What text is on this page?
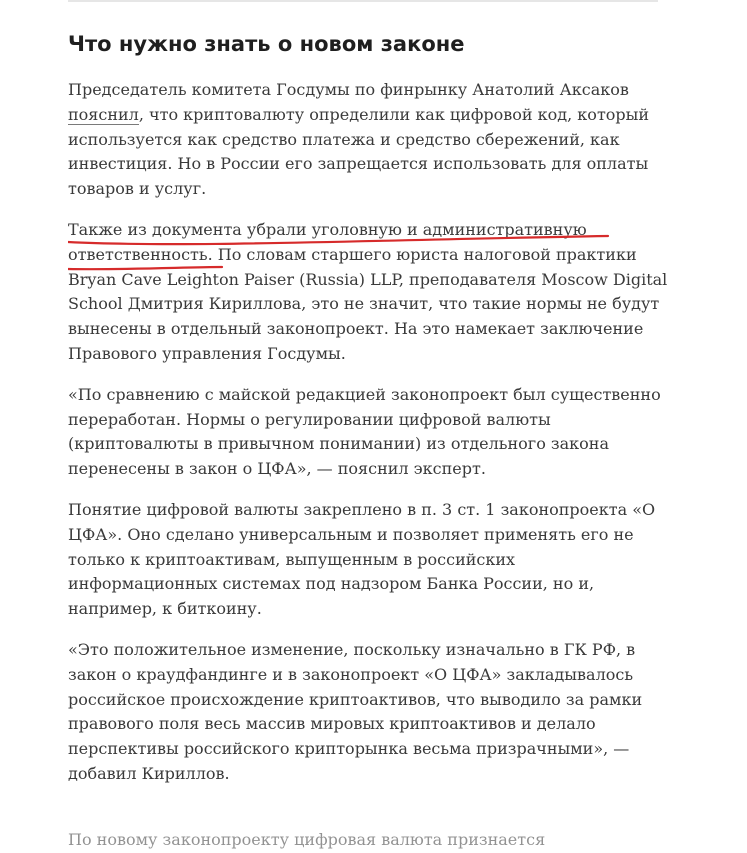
Что нужно знать о новом законе

Председатель комитета Госдумы по финрынку Анатолий Аксаков пояснил, что криптовалюту определили как цифровой код, который используется как средство платежа и средство сбережений, как инвестиция. Но в России его запрещается использовать для оплаты товаров и услуг.

Также из документа убрали уголовную и административную ответственность. По словам старшего юриста налоговой практики Bryan Cave Leighton Paiser (Russia) LLP, преподавателя Moscow Digital School Дмитрия Кириллова, это не значит, что такие нормы не будут вынесены в отдельный законопроект. На это намекает заключение Правового управления Госдумы.

«По сравнению с майской редакцией законопроект был существенно переработан. Нормы о регулировании цифровой валюты (криптовалюты в привычном понимании) из отдельного закона перенесены в закон о ЦФА», — пояснил эксперт.

Понятие цифровой валюты закреплено в п. 3 ст. 1 законопроекта «О ЦФА». Оно сделано универсальным и позволяет применять его не только к криптоактивам, выпущенным в российских информационных системах под надзором Банка России, но и, например, к биткоину.

«Это положительное изменение, поскольку изначально в ГК РФ, в закон о краудфандинге и в законопроект «О ЦФА» закладывалось российское происхождение криптоактивов, что выводило за рамки правового поля весь массив мировых криптоактивов и делало перспективы российского крипторынка весьма призрачными», — добавил Кириллов.

По новому законопроекту цифровая валюта признается
